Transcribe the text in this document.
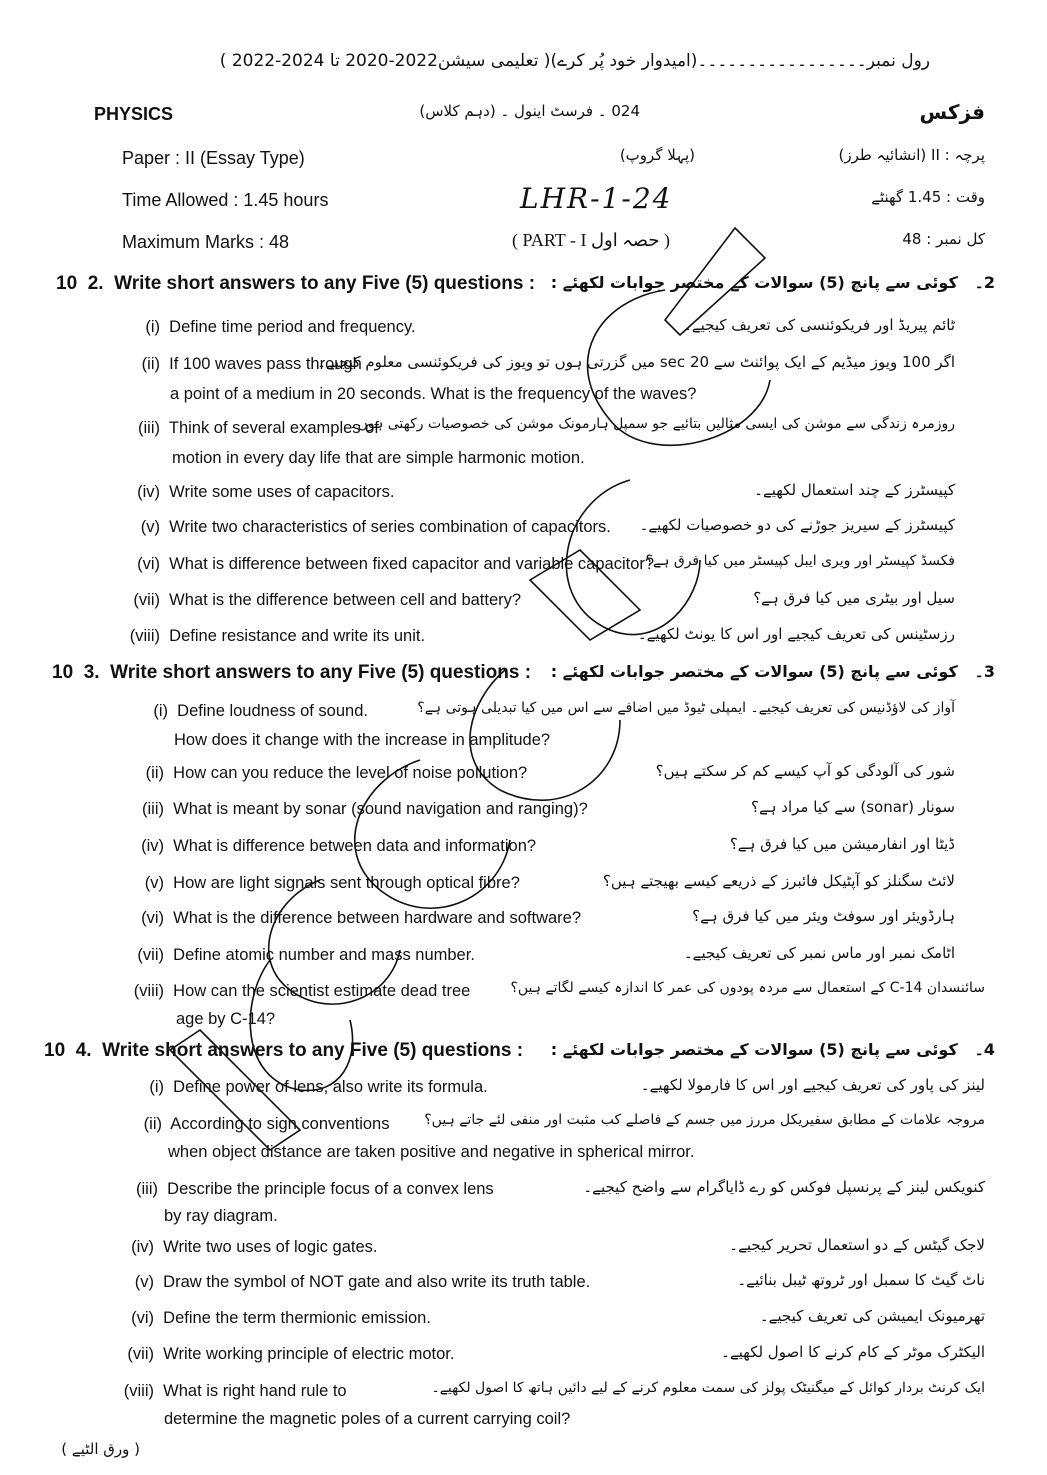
رول نمبر۔۔۔۔۔۔۔۔۔۔۔۔۔۔۔۔۔(امیدوار خود پُر کرے)( تعلیمی سیشن2022-2020 تا 2024-2022 )
PHYSICS	024 ۔ فرسٹ اینول ۔ (دہم کلاس)	فزکس
Paper : II (Essay Type)	(پہلا گروپ)	پرچہ : II (انشائیہ طرز)
Time Allowed : 1.45 hours	LHR-1-24	وقت : 1.45 گھنٹے
Maximum Marks : 48	( PART - I حصہ اول )	کل نمبر : 48
10 2. Write short answers to any Five (5) questions :	2۔   کوئی سے پانچ (5) سوالات کے مختصر جوابات لکھئے :
(i) Define time period and frequency.	ٹائم پیریڈ اور فریکوئنسی کی تعریف کیجیے۔
(ii) If 100 waves pass through
a point of a medium in 20 seconds. What is the frequency of the waves?
اگر 100 ویوز میڈیم کے ایک پوائنٹ سے 20 sec میں گزرتی ہوں تو ویوز کی فریکوئنسی معلوم کیجیے۔
(iii) Think of several examples of
motion in every day life that are simple harmonic motion.
روزمرہ زندگی سے موشن کی ایسی مثالیں بتائیے جو سمپل ہارمونک موشن کی خصوصیات رکھتی ہوں۔
(iv) Write some uses of capacitors.	کپیسٹرز کے چند استعمال لکھیے۔
(v) Write two characteristics of series combination of capacitors. کپیسٹرز کے سیریز جوڑنے کی دو خصوصیات لکھیے۔
(vi) What is difference between fixed capacitor and variable capacitor?
فکسڈ کپیسٹر اور ویری ایبل کپیسٹر میں کیا فرق ہے؟
(vii) What is the difference between cell and battery?	سیل اور بیٹری میں کیا فرق ہے؟
(viii) Define resistance and write its unit.	رزسٹینس کی تعریف کیجیے اور اس کا یونٹ لکھیے۔
10 3. Write short answers to any Five (5) questions :	3۔   کوئی سے پانچ (5) سوالات کے مختصر جوابات لکھئے :
(i) Define loudness of sound.
How does it change with the increase in amplitude?
آواز کی لاؤڈنیس کی تعریف کیجیے۔ ایمپلی ٹیوڈ میں اضافے سے اس میں کیا تبدیلی ہوتی ہے؟
(ii) How can you reduce the level of noise pollution?	شور کی آلودگی کو آپ کیسے کم کر سکتے ہیں؟
(iii) What is meant by sonar (sound navigation and ranging)?	سونار (sonar) سے کیا مراد ہے؟
(iv) What is difference between data and information?	ڈیٹا اور انفارمیشن میں کیا فرق ہے؟
(v) How are light signals sent through optical fibre?	لائٹ سگنلز کو آپٹیکل فائبرز کے ذریعے کیسے بھیجتے ہیں؟
(vi) What is the difference between hardware and software?	ہارڈویئر اور سوفٹ ویئر میں کیا فرق ہے؟
(vii) Define atomic number and mass number.	اٹامک نمبر اور ماس نمبر کی تعریف کیجیے۔
(viii) How can the scientist estimate dead tree
age by C-14?
سائنسدان C-14 کے استعمال سے مردہ پودوں کی عمر کا اندازہ کیسے لگاتے ہیں؟
10 4. Write short answers to any Five (5) questions :	4۔   کوئی سے پانچ (5) سوالات کے مختصر جوابات لکھئے :
(i) Define power of lens, also write its formula.	لینز کی پاور کی تعریف کیجیے اور اس کا فارمولا لکھیے۔
(ii) According to sign conventions
when object distance are taken positive and negative in spherical mirror.
مروجہ علامات کے مطابق سفیریکل مررز میں جسم کے فاصلے کب مثبت اور منفی لئے جاتے ہیں؟
(iii) Describe the principle focus of a convex lens
by ray diagram.
کنویکس لینز کے پرنسپل فوکس کو رے ڈایاگرام سے واضح کیجیے۔
(iv) Write two uses of logic gates.	لاجک گیٹس کے دو استعمال تحریر کیجیے۔
(v) Draw the symbol of NOT gate and also write its truth table.	ناٹ گیٹ کا سمبل اور ٹروتھ ٹیبل بنائیے۔
(vi) Define the term thermionic emission.	تھرمیونک ایمیشن کی تعریف کیجیے۔
(vii) Write working principle of electric motor.	الیکٹرک موٹر کے کام کرنے کا اصول لکھیے۔
(viii) What is right hand rule to
determine the magnetic poles of a current carrying coil?
ایک کرنٹ بردار کوائل کے میگنیٹک پولز کی سمت معلوم کرنے کے لیے دائیں ہاتھ کا اصول لکھیے۔
( ورق الٹیے )
